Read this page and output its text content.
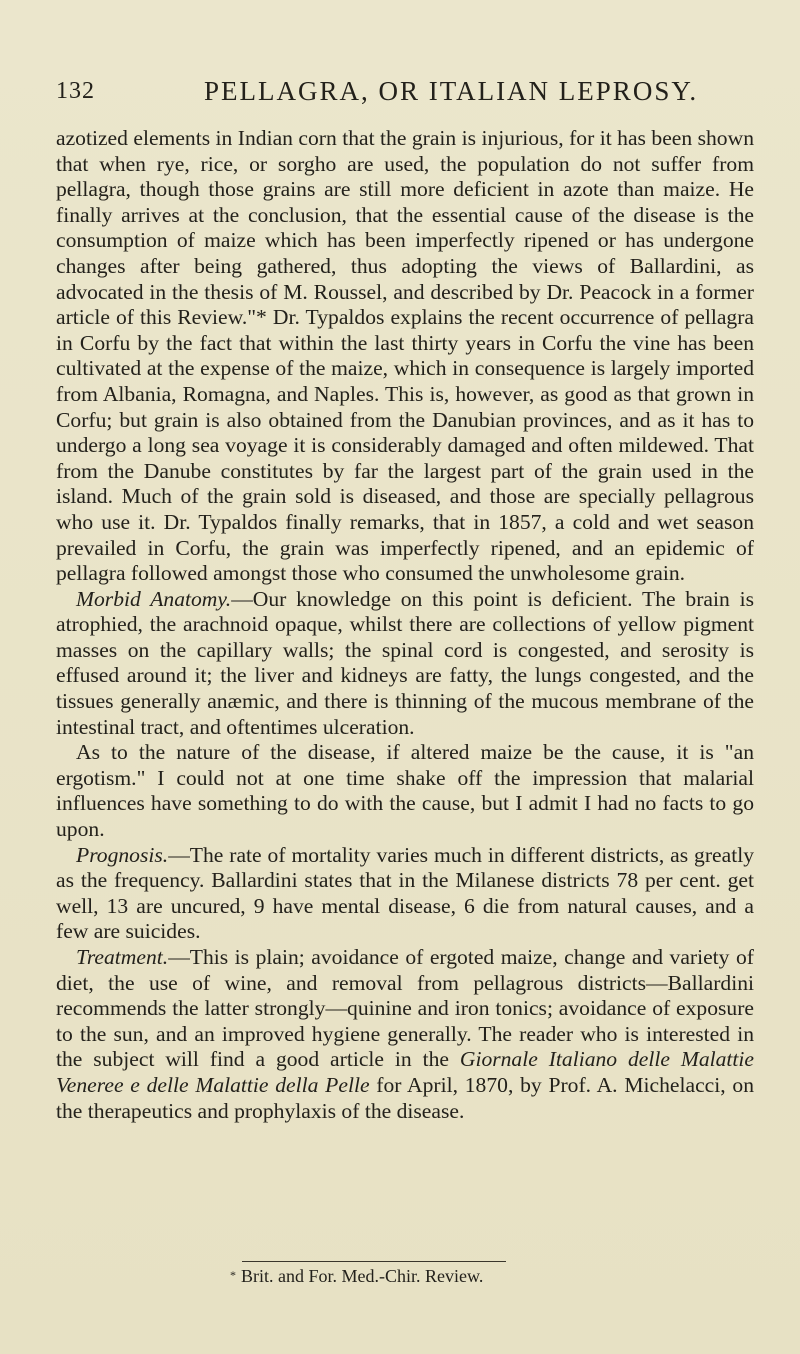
132	PELLAGRA, OR ITALIAN LEPROSY.

azotized elements in Indian corn that the grain is injurious, for it has been shown that when rye, rice, or sorgho are used, the population do not suffer from pellagra, though those grains are still more deficient in azote than maize. He finally arrives at the conclusion, that the essential cause of the disease is the consumption of maize which has been imperfectly ripened or has undergone changes after being gathered, thus adopting the views of Ballardini, as advocated in the thesis of M. Roussel, and described by Dr. Peacock in a former article of this Review."* Dr. Typaldos explains the recent occurrence of pellagra in Corfu by the fact that within the last thirty years in Corfu the vine has been cultivated at the expense of the maize, which in consequence is largely imported from Albania, Romagna, and Naples. This is, however, as good as that grown in Corfu; but grain is also obtained from the Danubian provinces, and as it has to undergo a long sea voyage it is considerably damaged and often mildewed. That from the Danube constitutes by far the largest part of the grain used in the island. Much of the grain sold is diseased, and those are specially pellagrous who use it. Dr. Typaldos finally remarks, that in 1857, a cold and wet season prevailed in Corfu, the grain was imperfectly ripened, and an epidemic of pellagra followed amongst those who consumed the unwholesome grain.

Morbid Anatomy.—Our knowledge on this point is deficient. The brain is atrophied, the arachnoid opaque, whilst there are collections of yellow pigment masses on the capillary walls; the spinal cord is congested, and serosity is effused around it; the liver and kidneys are fatty, the lungs congested, and the tissues generally anæmic, and there is thinning of the mucous membrane of the intestinal tract, and oftentimes ulceration.

As to the nature of the disease, if altered maize be the cause, it is "an ergotism." I could not at one time shake off the impression that malarial influences have something to do with the cause, but I admit I had no facts to go upon.

Prognosis.—The rate of mortality varies much in different districts, as greatly as the frequency. Ballardini states that in the Milanese districts 78 per cent. get well, 13 are uncured, 9 have mental disease, 6 die from natural causes, and a few are suicides.

Treatment.—This is plain; avoidance of ergoted maize, change and variety of diet, the use of wine, and removal from pellagrous districts—Ballardini recommends the latter strongly—quinine and iron tonics; avoidance of exposure to the sun, and an improved hygiene generally. The reader who is interested in the subject will find a good article in the Giornale Italiano delle Malattie Veneree e delle Malattie della Pelle for April, 1870, by Prof. A. Michelacci, on the therapeutics and prophylaxis of the disease.

* Brit. and For. Med.-Chir. Review.
